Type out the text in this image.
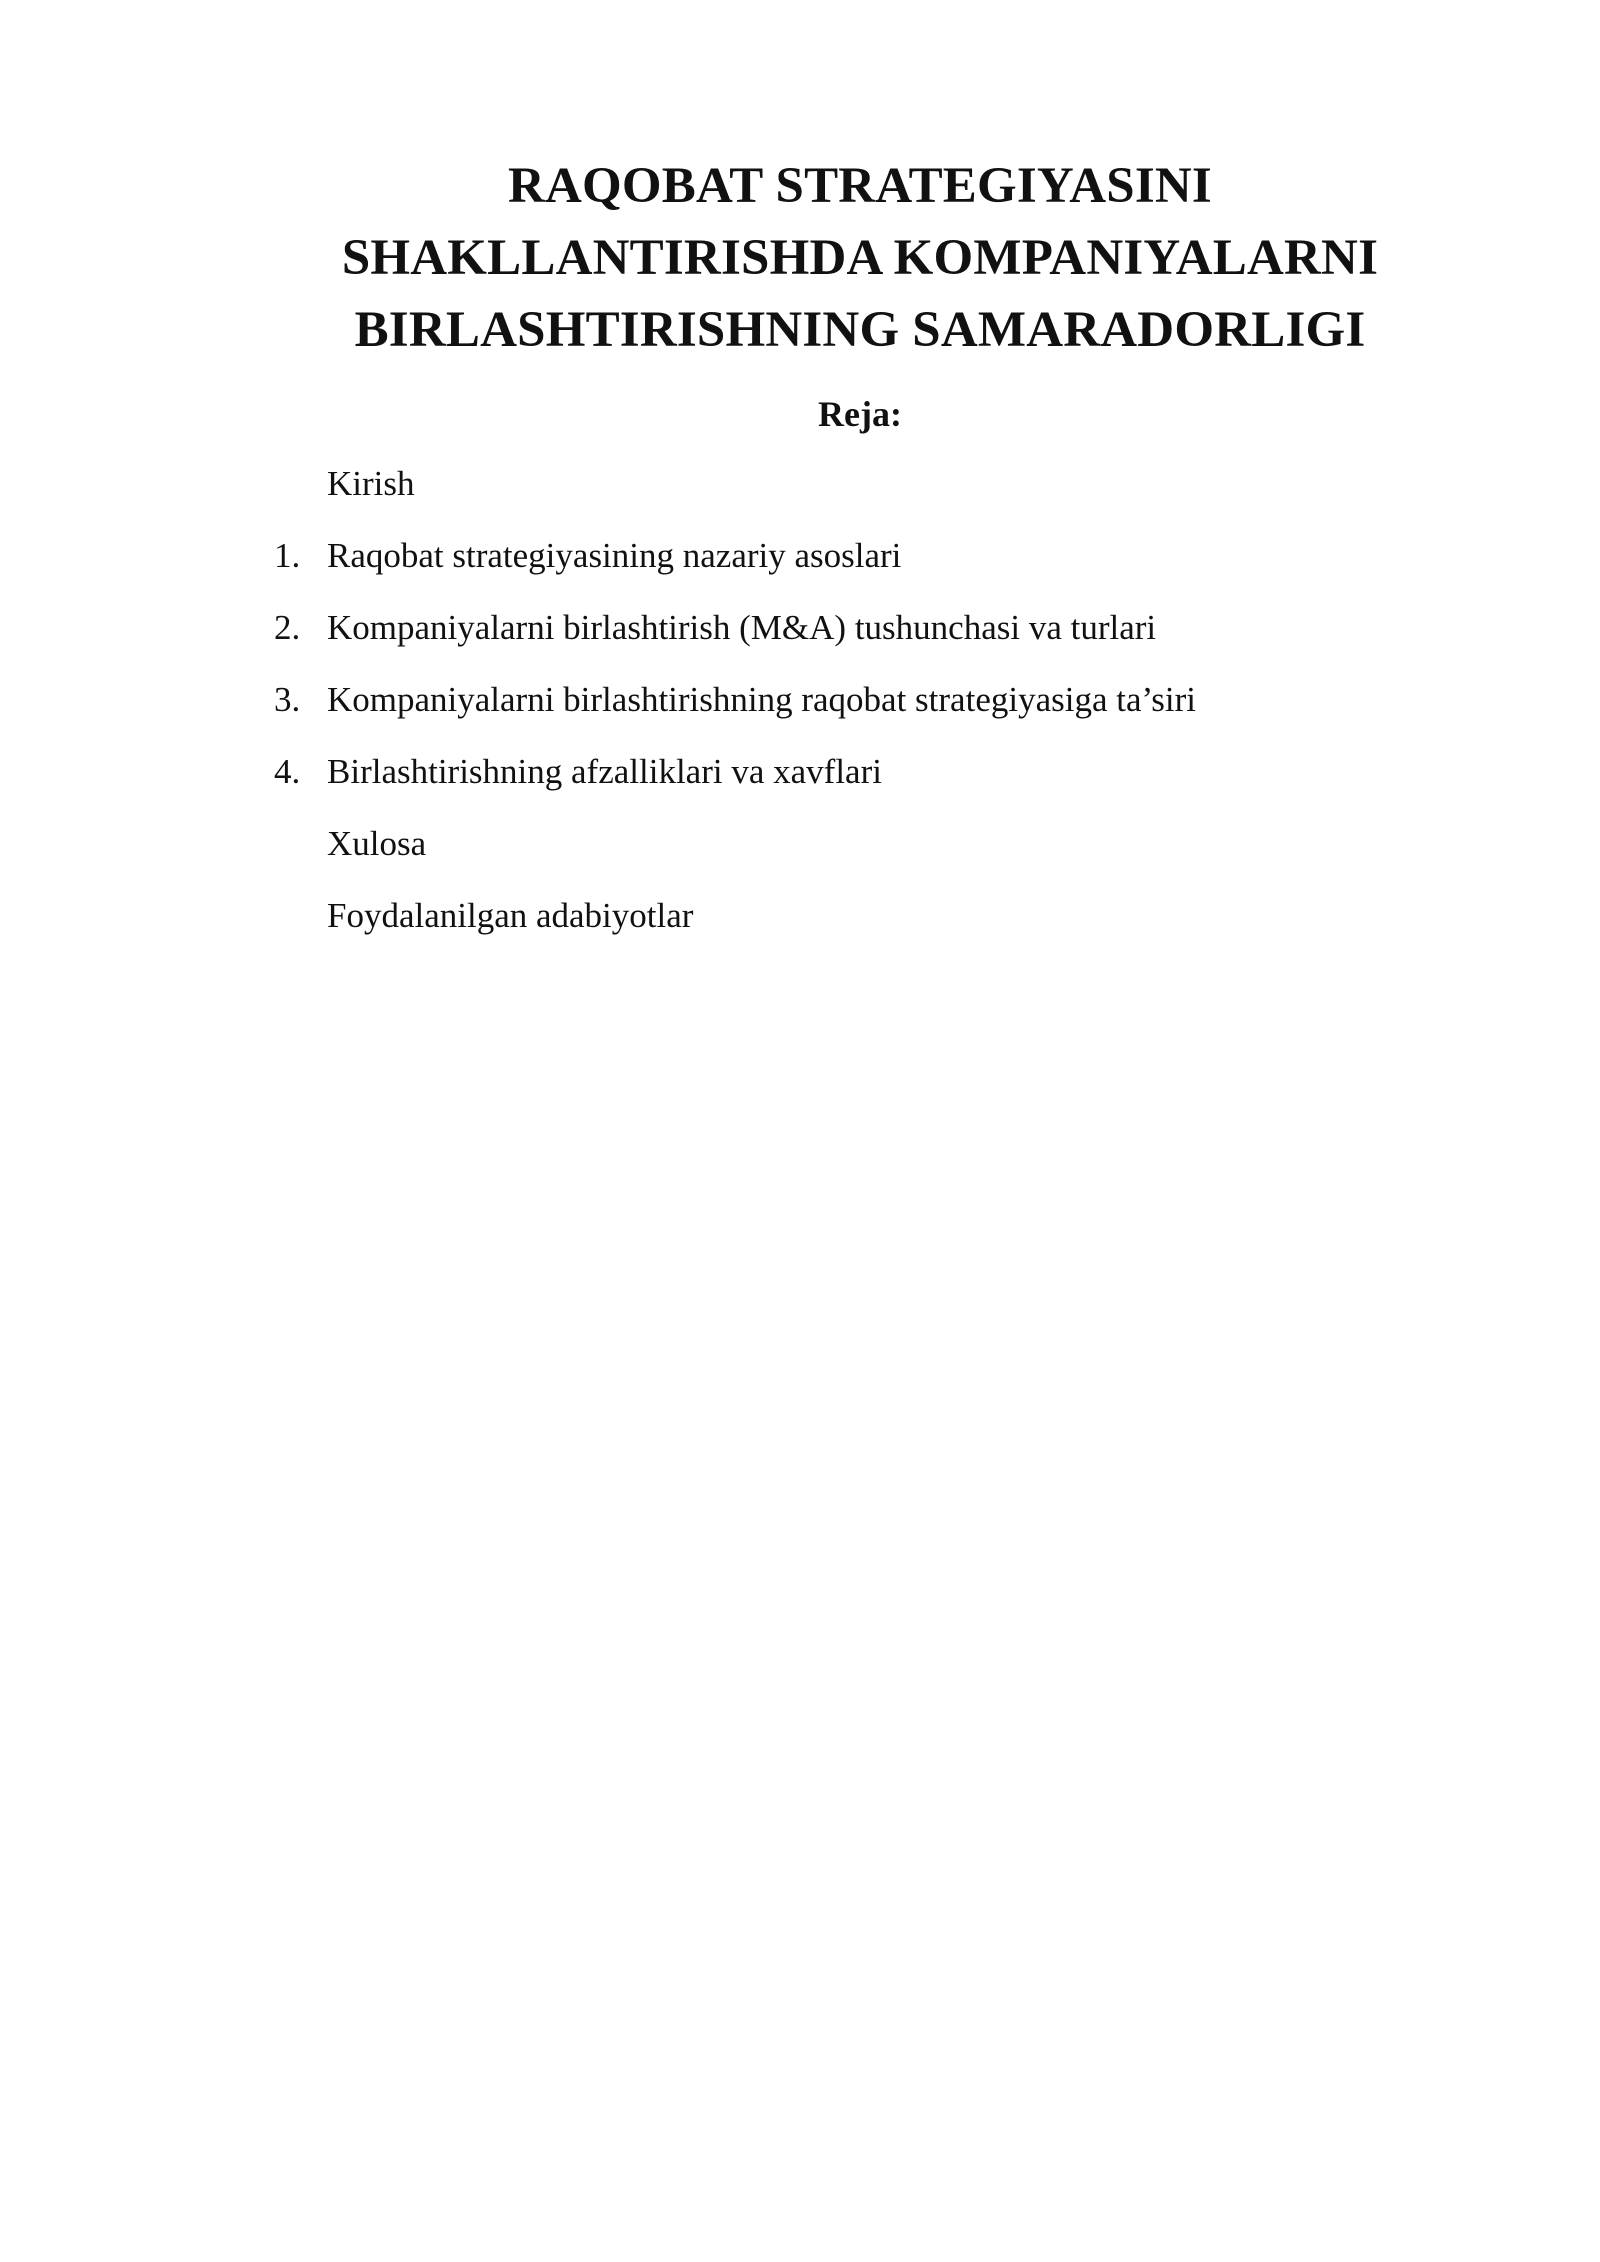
RAQOBAT STRATEGIYASINI
SHAKLLANTIRISHDA KOMPANIYALARNI
BIRLASHTIRISHNING SAMARADORLIGI
Reja:
Kirish
1. Raqobat strategiyasining nazariy asoslari
2. Kompaniyalarni birlashtirish (M&A) tushunchasi va turlari
3. Kompaniyalarni birlashtirishning raqobat strategiyasiga ta’siri
4. Birlashtirishning afzalliklari va xavflari
Xulosa
Foydalanilgan adabiyotlar
